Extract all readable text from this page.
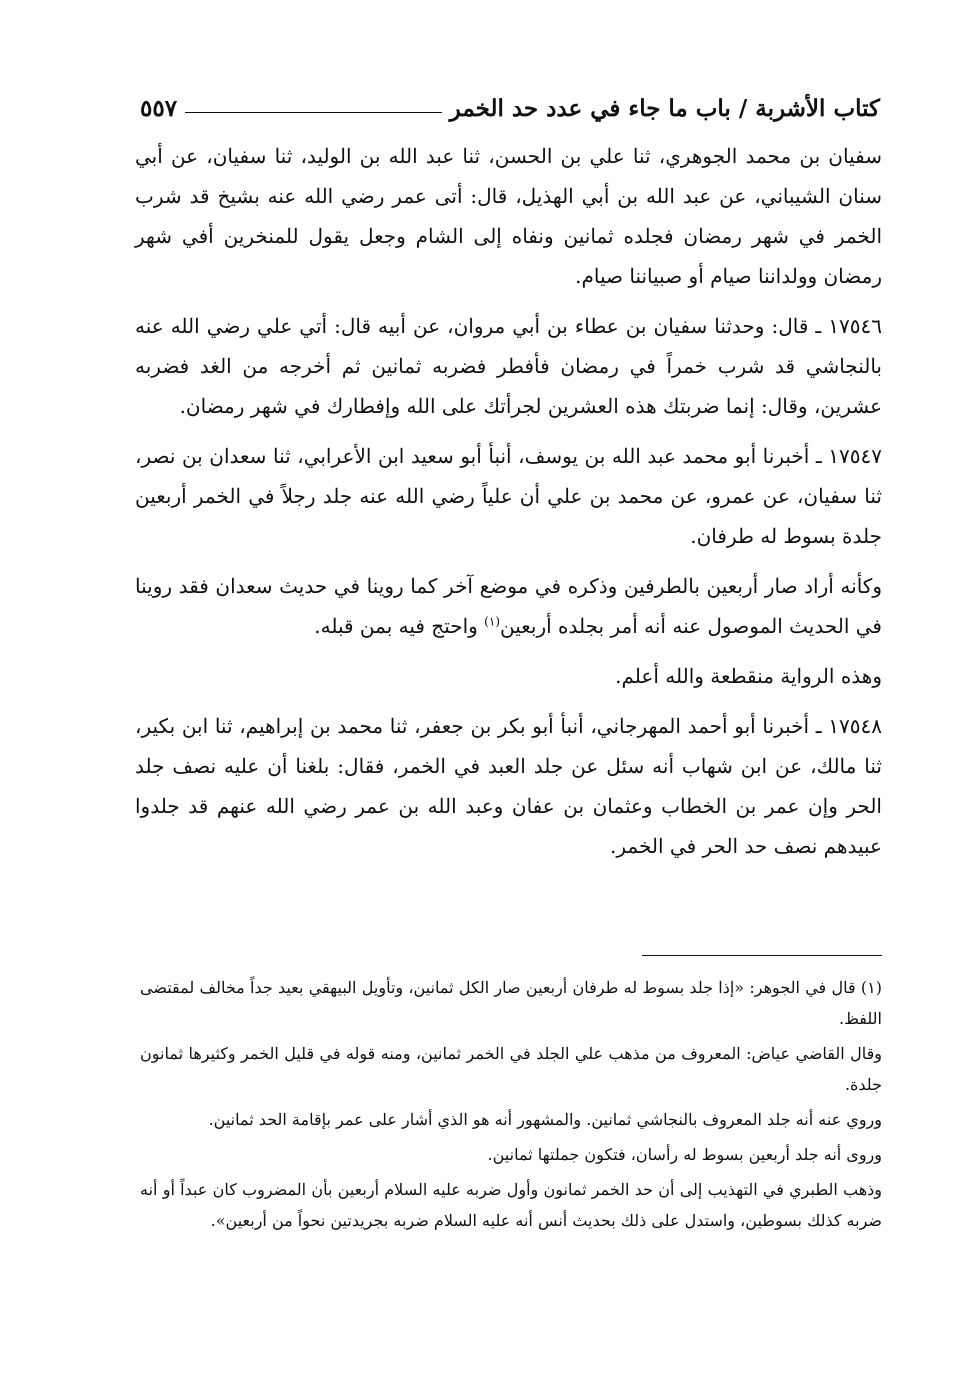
كتاب الأشربة / باب ما جاء في عدد حد الخمر
٥٥٧

سفيان بن محمد الجوهري، ثنا علي بن الحسن، ثنا عبد الله بن الوليد، ثنا سفيان، عن أبي سنان الشيباني، عن عبد الله بن أبي الهذيل، قال: أتى عمر رضي الله عنه بشيخ قد شرب الخمر في شهر رمضان فجلده ثمانين ونفاه إلى الشام وجعل يقول للمنخرين أفي شهر رمضان وولداننا صيام أو صبياننا صيام.

١٧٥٤٦ ـ قال: وحدثنا سفيان بن عطاء بن أبي مروان، عن أبيه قال: أتي علي رضي الله عنه بالنجاشي قد شرب خمراً في رمضان فأفطر فضربه ثمانين ثم أخرجه من الغد فضربه عشرين، وقال: إنما ضربتك هذه العشرين لجرأتك على الله وإفطارك في شهر رمضان.

١٧٥٤٧ ـ أخبرنا أبو محمد عبد الله بن يوسف، أنبأ أبو سعيد ابن الأعرابي، ثنا سعدان بن نصر، ثنا سفيان، عن عمرو، عن محمد بن علي أن علياً رضي الله عنه جلد رجلاً في الخمر أربعين جلدة بسوط له طرفان.

وكأنه أراد صار أربعين بالطرفين وذكره في موضع آخر كما روينا في حديث سعدان فقد روينا في الحديث الموصول عنه أنه أمر بجلده أربعين$^{(١)}$ واحتج فيه بمن قبله.

وهذه الرواية منقطعة والله أعلم.

١٧٥٤٨ ـ أخبرنا أبو أحمد المهرجاني، أنبأ أبو بكر بن جعفر، ثنا محمد بن إبراهيم، ثنا ابن بكير، ثنا مالك، عن ابن شهاب أنه سئل عن جلد العبد في الخمر، فقال: بلغنا أن عليه نصف جلد الحر وإن عمر بن الخطاب وعثمان بن عفان وعبد الله بن عمر رضي الله عنهم قد جلدوا عبيدهم نصف حد الحر في الخمر.

(١) قال في الجوهر: «إذا جلد بسوط له طرفان أربعين صار الكل ثمانين، وتأويل البيهقي بعيد جداً مخالف لمقتضى اللفظ.

وقال القاضي عياض: المعروف من مذهب علي الجلد في الخمر ثمانين، ومنه قوله في قليل الخمر وكثيرها ثمانون جلدة.

وروي عنه أنه جلد المعروف بالنجاشي ثمانين. والمشهور أنه هو الذي أشار على عمر بإقامة الحد ثمانين.

وروى أنه جلد أربعين بسوط له رأسان، فتكون جملتها ثمانين.

وذهب الطبري في التهذيب إلى أن حد الخمر ثمانون وأول ضربه عليه السلام أربعين بأن المضروب كان عبداً أو أنه ضربه كذلك بسوطين، واستدل على ذلك بحديث أنس أنه عليه السلام ضربه بجريدتين نحواً من أربعين».
